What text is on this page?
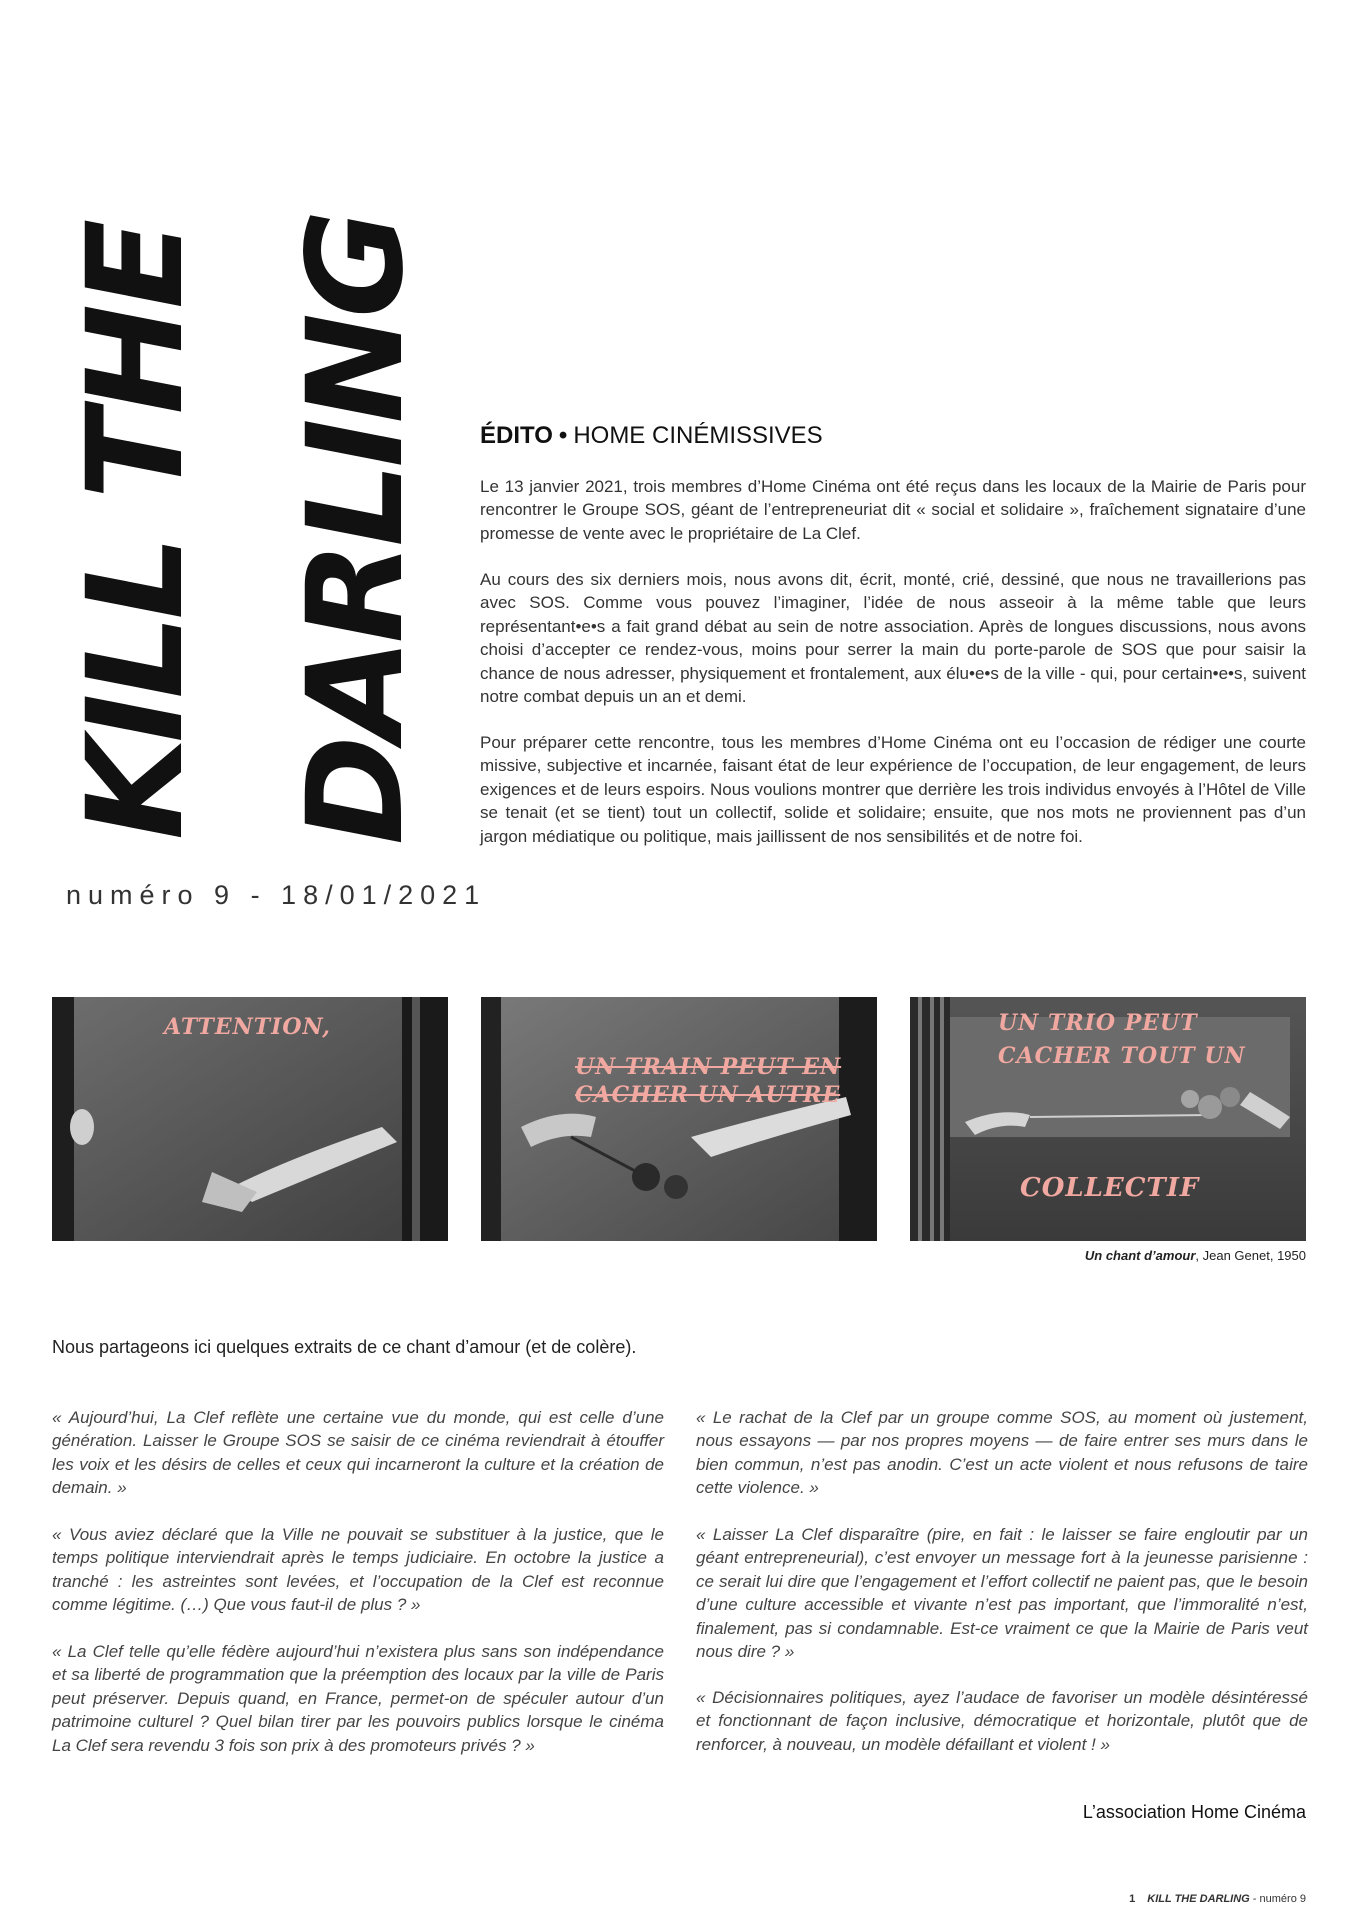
KILL THE DARLING
numéro 9 - 18/01/2021
ÉDITO • HOME CINÉMISSIVES

Le 13 janvier 2021, trois membres d’Home Cinéma ont été reçus dans les locaux de la Mairie de Paris pour rencontrer le Groupe SOS, géant de l’entrepreneuriat dit « social et solidaire », fraîchement signataire d’une promesse de vente avec le propriétaire de La Clef.

Au cours des six derniers mois, nous avons dit, écrit, monté, crié, dessiné, que nous ne travaillerions pas avec SOS. Comme vous pouvez l’imaginer, l’idée de nous asseoir à la même table que leurs représentant•e•s a fait grand débat au sein de notre association. Après de longues discussions, nous avons choisi d’accepter ce rendez-vous, moins pour serrer la main du porte-parole de SOS que pour saisir la chance de nous adresser, physiquement et frontalement, aux élu•e•s de la ville - qui, pour certain•e•s, suivent notre combat depuis un an et demi.

Pour préparer cette rencontre, tous les membres d’Home Cinéma ont eu l’occasion de rédiger une courte missive, subjective et incarnée, faisant état de leur expérience de l’occupation, de leur engagement, de leurs exigences et de leurs espoirs. Nous voulions montrer que derrière les trois individus envoyés à l’Hôtel de Ville se tenait (et se tient) tout un collectif, solide et solidaire; ensuite, que nos mots ne proviennent pas d’un jargon médiatique ou politique, mais jaillissent de nos sensibilités et de notre foi.

ATTENTION,
UN TRAIN PEUT EN
CACHER UN AUTRE
UN TRIO PEUT
CACHER TOUT UN
COLLECTIF
Un chant d’amour, Jean Genet, 1950
Nous partageons ici quelques extraits de ce chant d’amour (et de colère).

« Aujourd’hui, La Clef reflète une certaine vue du monde, qui est celle d’une génération. Laisser le Groupe SOS se saisir de ce cinéma reviendrait à étouffer les voix et les désirs de celles et ceux qui incarneront la culture et la création de demain. »

« Vous aviez déclaré que la Ville ne pouvait se substituer à la justice, que le temps politique interviendrait après le temps judiciaire. En octobre la justice a tranché : les astreintes sont levées, et l’occupation de la Clef est reconnue comme légitime. (…) Que vous faut-il de plus ? »

« La Clef telle qu’elle fédère aujourd’hui n’existera plus sans son indépendance et sa liberté de programmation que la préemption des locaux par la ville de Paris peut préserver. Depuis quand, en France, permet-on de spéculer autour d’un patrimoine culturel ? Quel bilan tirer par les pouvoirs publics lorsque le cinéma La Clef sera revendu 3 fois son prix à des promoteurs privés ? »

« Le rachat de la Clef par un groupe comme SOS, au moment où justement, nous essayons — par nos propres moyens — de faire entrer ses murs dans le bien commun, n’est pas anodin. C’est un acte violent et nous refusons de taire cette violence. »

« Laisser La Clef disparaître (pire, en fait : le laisser se faire engloutir par un géant entrepreneurial), c’est envoyer un message fort à la jeunesse parisienne : ce serait lui dire que l’engagement et l’effort collectif ne paient pas, que le besoin d’une culture accessible et vivante n’est pas important, que l’immoralité n’est, finalement, pas si condamnable. Est-ce vraiment ce que la Mairie de Paris veut nous dire ? »

« Décisionnaires politiques, ayez l’audace de favoriser un modèle désintéressé et fonctionnant de façon inclusive, démocratique et horizontale, plutôt que de renforcer, à nouveau, un modèle défaillant et violent ! »

L’association Home Cinéma
1 KILL THE DARLING - numéro 9
